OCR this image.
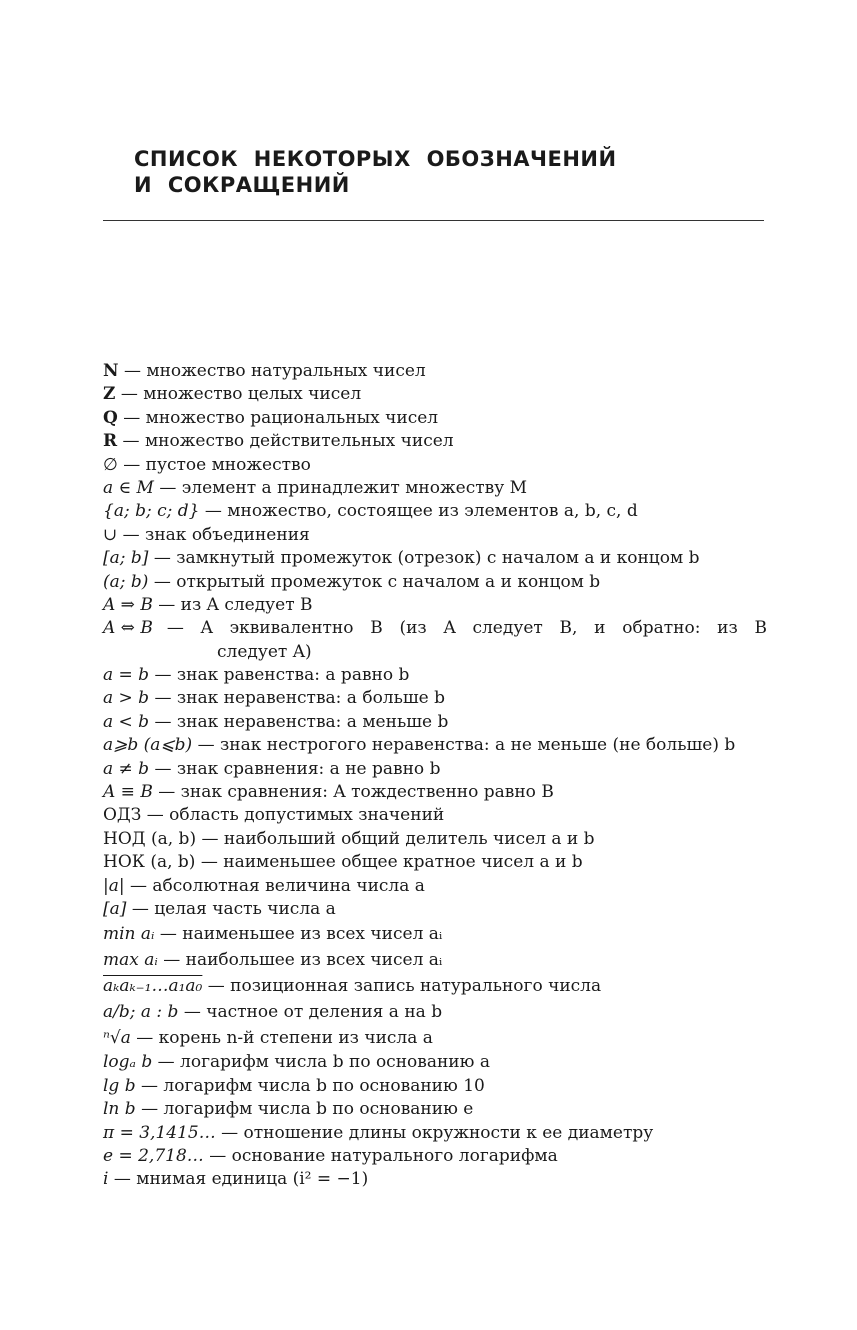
СПИСОК НЕКОТОРЫХ ОБОЗНАЧЕНИЙ
И СОКРАЩЕНИЙ
N — множество натуральных чисел
Z — множество целых чисел
Q — множество рациональных чисел
R — множество действительных чисел
∅ — пустое множество
a ∈ M — элемент a принадлежит множеству M
{a; b; c; d} — множество, состоящее из элементов a, b, c, d
∪ — знак объединения
[a; b] — замкнутый промежуток (отрезок) с началом a и концом b
(a; b) — открытый промежуток с началом a и концом b
A ⇒ B — из A следует B
A ⇔ B — A эквивалентно B (из A следует B, и обратно: из B
следует A)
a = b — знак равенства: a равно b
a > b — знак неравенства: a больше b
a < b — знак неравенства: a меньше b
a⩾b (a⩽b) — знак нестрогого неравенства: a не меньше (не больше) b
a ≠ b — знак сравнения: a не равно b
A ≡ B — знак сравнения: A тождественно равно B
ОДЗ — область допустимых значений
НОД (a, b) — наибольший общий делитель чисел a и b
НОК (a, b) — наименьшее общее кратное чисел a и b
|a| — абсолютная величина числа a
[a] — целая часть числа a
min aᵢ — наименьшее из всех чисел aᵢ
max aᵢ — наибольшее из всех чисел aᵢ
aₖaₖ₋₁…a₁a₀ — позиционная запись натурального числа
a/b; a : b — частное от деления a на b
ⁿ√a — корень n-й степени из числа a
logₐ b — логарифм числа b по основанию a
lg b — логарифм числа b по основанию 10
ln b — логарифм числа b по основанию e
π = 3,1415… — отношение длины окружности к ее диаметру
e = 2,718… — основание натурального логарифма
i — мнимая единица (i² = −1)
